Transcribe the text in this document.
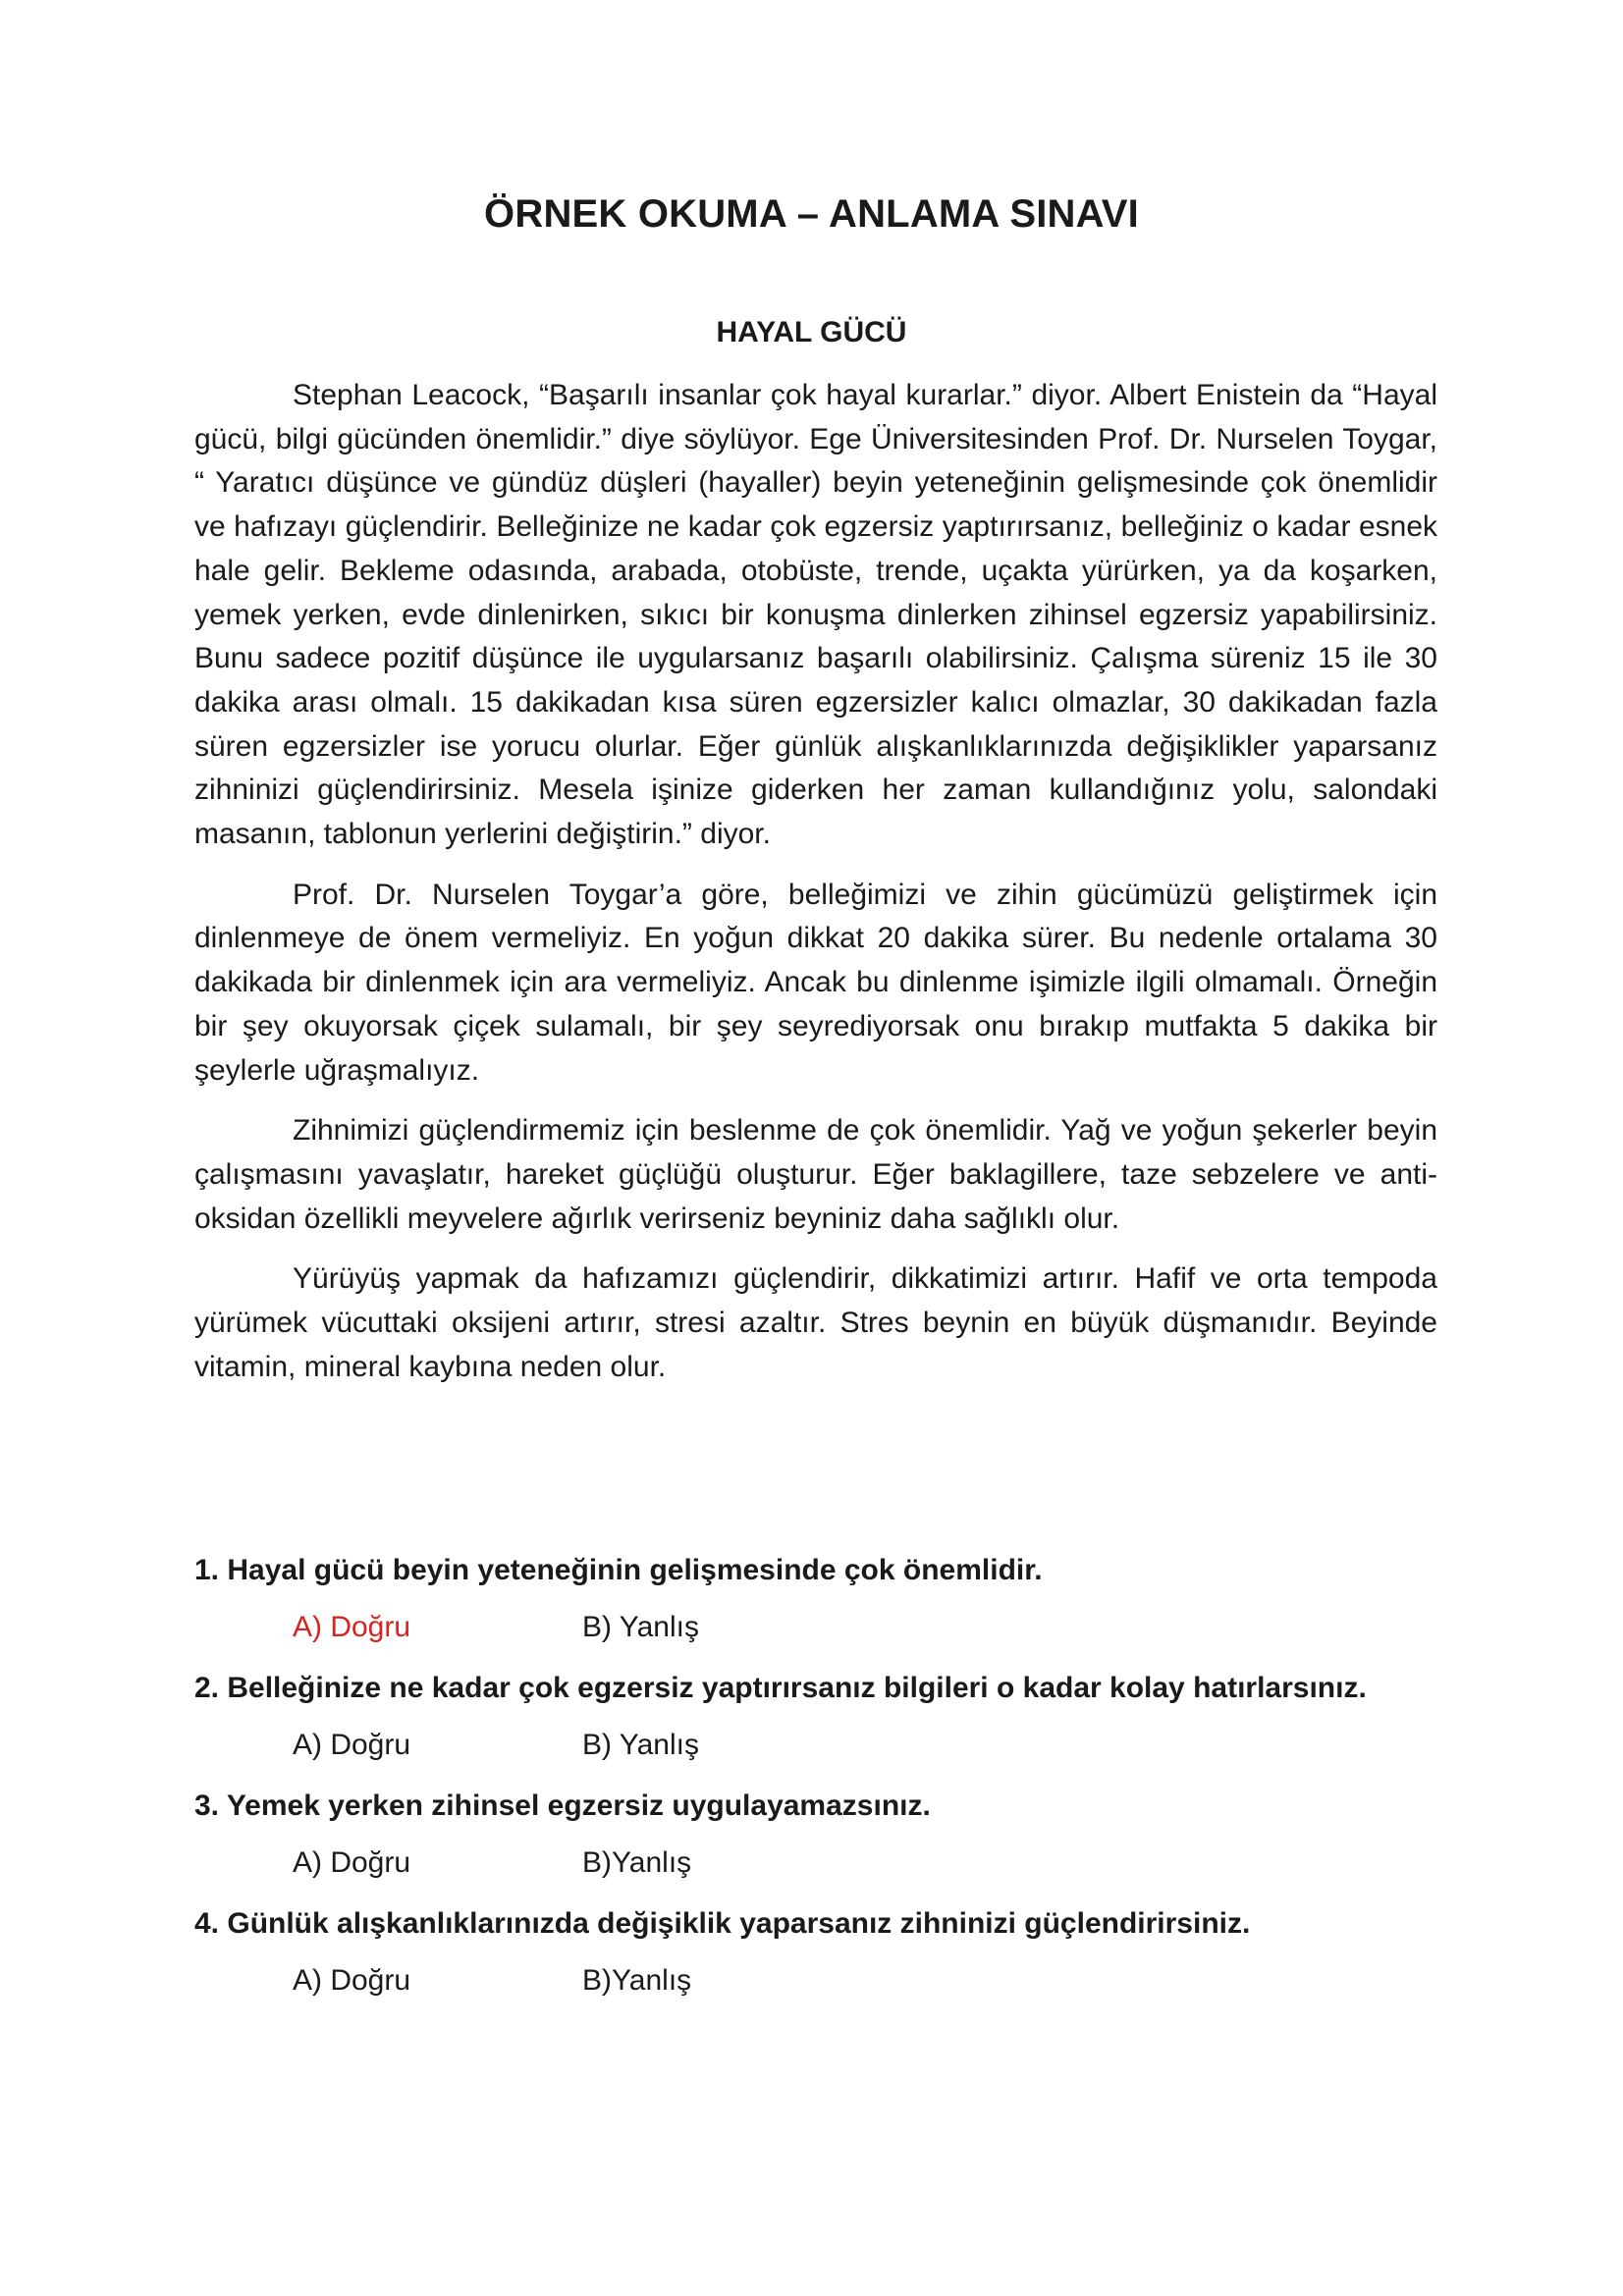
ÖRNEK OKUMA – ANLAMA SINAVI
HAYAL GÜCÜ

Stephan Leacock, “Başarılı insanlar çok hayal kurarlar.” diyor. Albert Enistein da “Hayal gücü, bilgi gücünden önemlidir.” diye söylüyor. Ege Üniversitesinden Prof. Dr. Nurselen Toygar, “ Yaratıcı düşünce ve gündüz düşleri (hayaller) beyin yeteneğinin gelişmesinde çok önemlidir ve hafızayı güçlendirir. Belleğinize ne kadar çok egzersiz yaptırırsanız, belleğiniz o kadar esnek hale gelir. Bekleme odasında, arabada, otobüste, trende, uçakta yürürken, ya da koşarken, yemek yerken, evde dinlenirken, sıkıcı bir konuşma dinlerken zihinsel egzersiz yapabilirsiniz. Bunu sadece pozitif düşünce ile uygularsanız başarılı olabilirsiniz. Çalışma süreniz 15 ile 30 dakika arası olmalı. 15 dakikadan kısa süren egzersizler kalıcı olmazlar, 30 dakikadan fazla süren egzersizler ise yorucu olurlar. Eğer günlük alışkanlıklarınızda değişiklikler yaparsanız zihninizi güçlendirirsiniz. Mesela işinize giderken her zaman kullandığınız yolu, salondaki masanın, tablonun yerlerini değiştirin.” diyor.

Prof. Dr. Nurselen Toygar’a göre, belleğimizi ve zihin gücümüzü geliştirmek için dinlenmeye de önem vermeliyiz. En yoğun dikkat 20 dakika sürer. Bu nedenle ortalama 30 dakikada bir dinlenmek için ara vermeliyiz. Ancak bu dinlenme işimizle ilgili olmamalı. Örneğin bir şey okuyorsak çiçek sulamalı, bir şey seyrediyorsak onu bırakıp mutfakta 5 dakika bir şeylerle uğraşmalıyız.

Zihnimizi güçlendirmemiz için beslenme de çok önemlidir. Yağ ve yoğun şekerler beyin çalışmasını yavaşlatır, hareket güçlüğü oluşturur. Eğer baklagillere, taze sebzelere ve anti- oksidan özellikli meyvelere ağırlık verirseniz beyniniz daha sağlıklı olur.

Yürüyüş yapmak da hafızamızı güçlendirir, dikkatimizi artırır. Hafif ve orta tempoda yürümek vücuttaki oksijeni artırır, stresi azaltır. Stres beynin en büyük düşmanıdır. Beyinde vitamin, mineral kaybına neden olur.

1. Hayal gücü beyin yeteneğinin gelişmesinde çok önemlidir.
A) Doğru	B) Yanlış
2. Belleğinize ne kadar çok egzersiz yaptırırsanız bilgileri o kadar kolay hatırlarsınız.
A) Doğru	B) Yanlış
3. Yemek yerken zihinsel egzersiz uygulayamazsınız.
A) Doğru	B)Yanlış
4. Günlük alışkanlıklarınızda değişiklik yaparsanız zihninizi güçlendirirsiniz.
A) Doğru	B)Yanlış
